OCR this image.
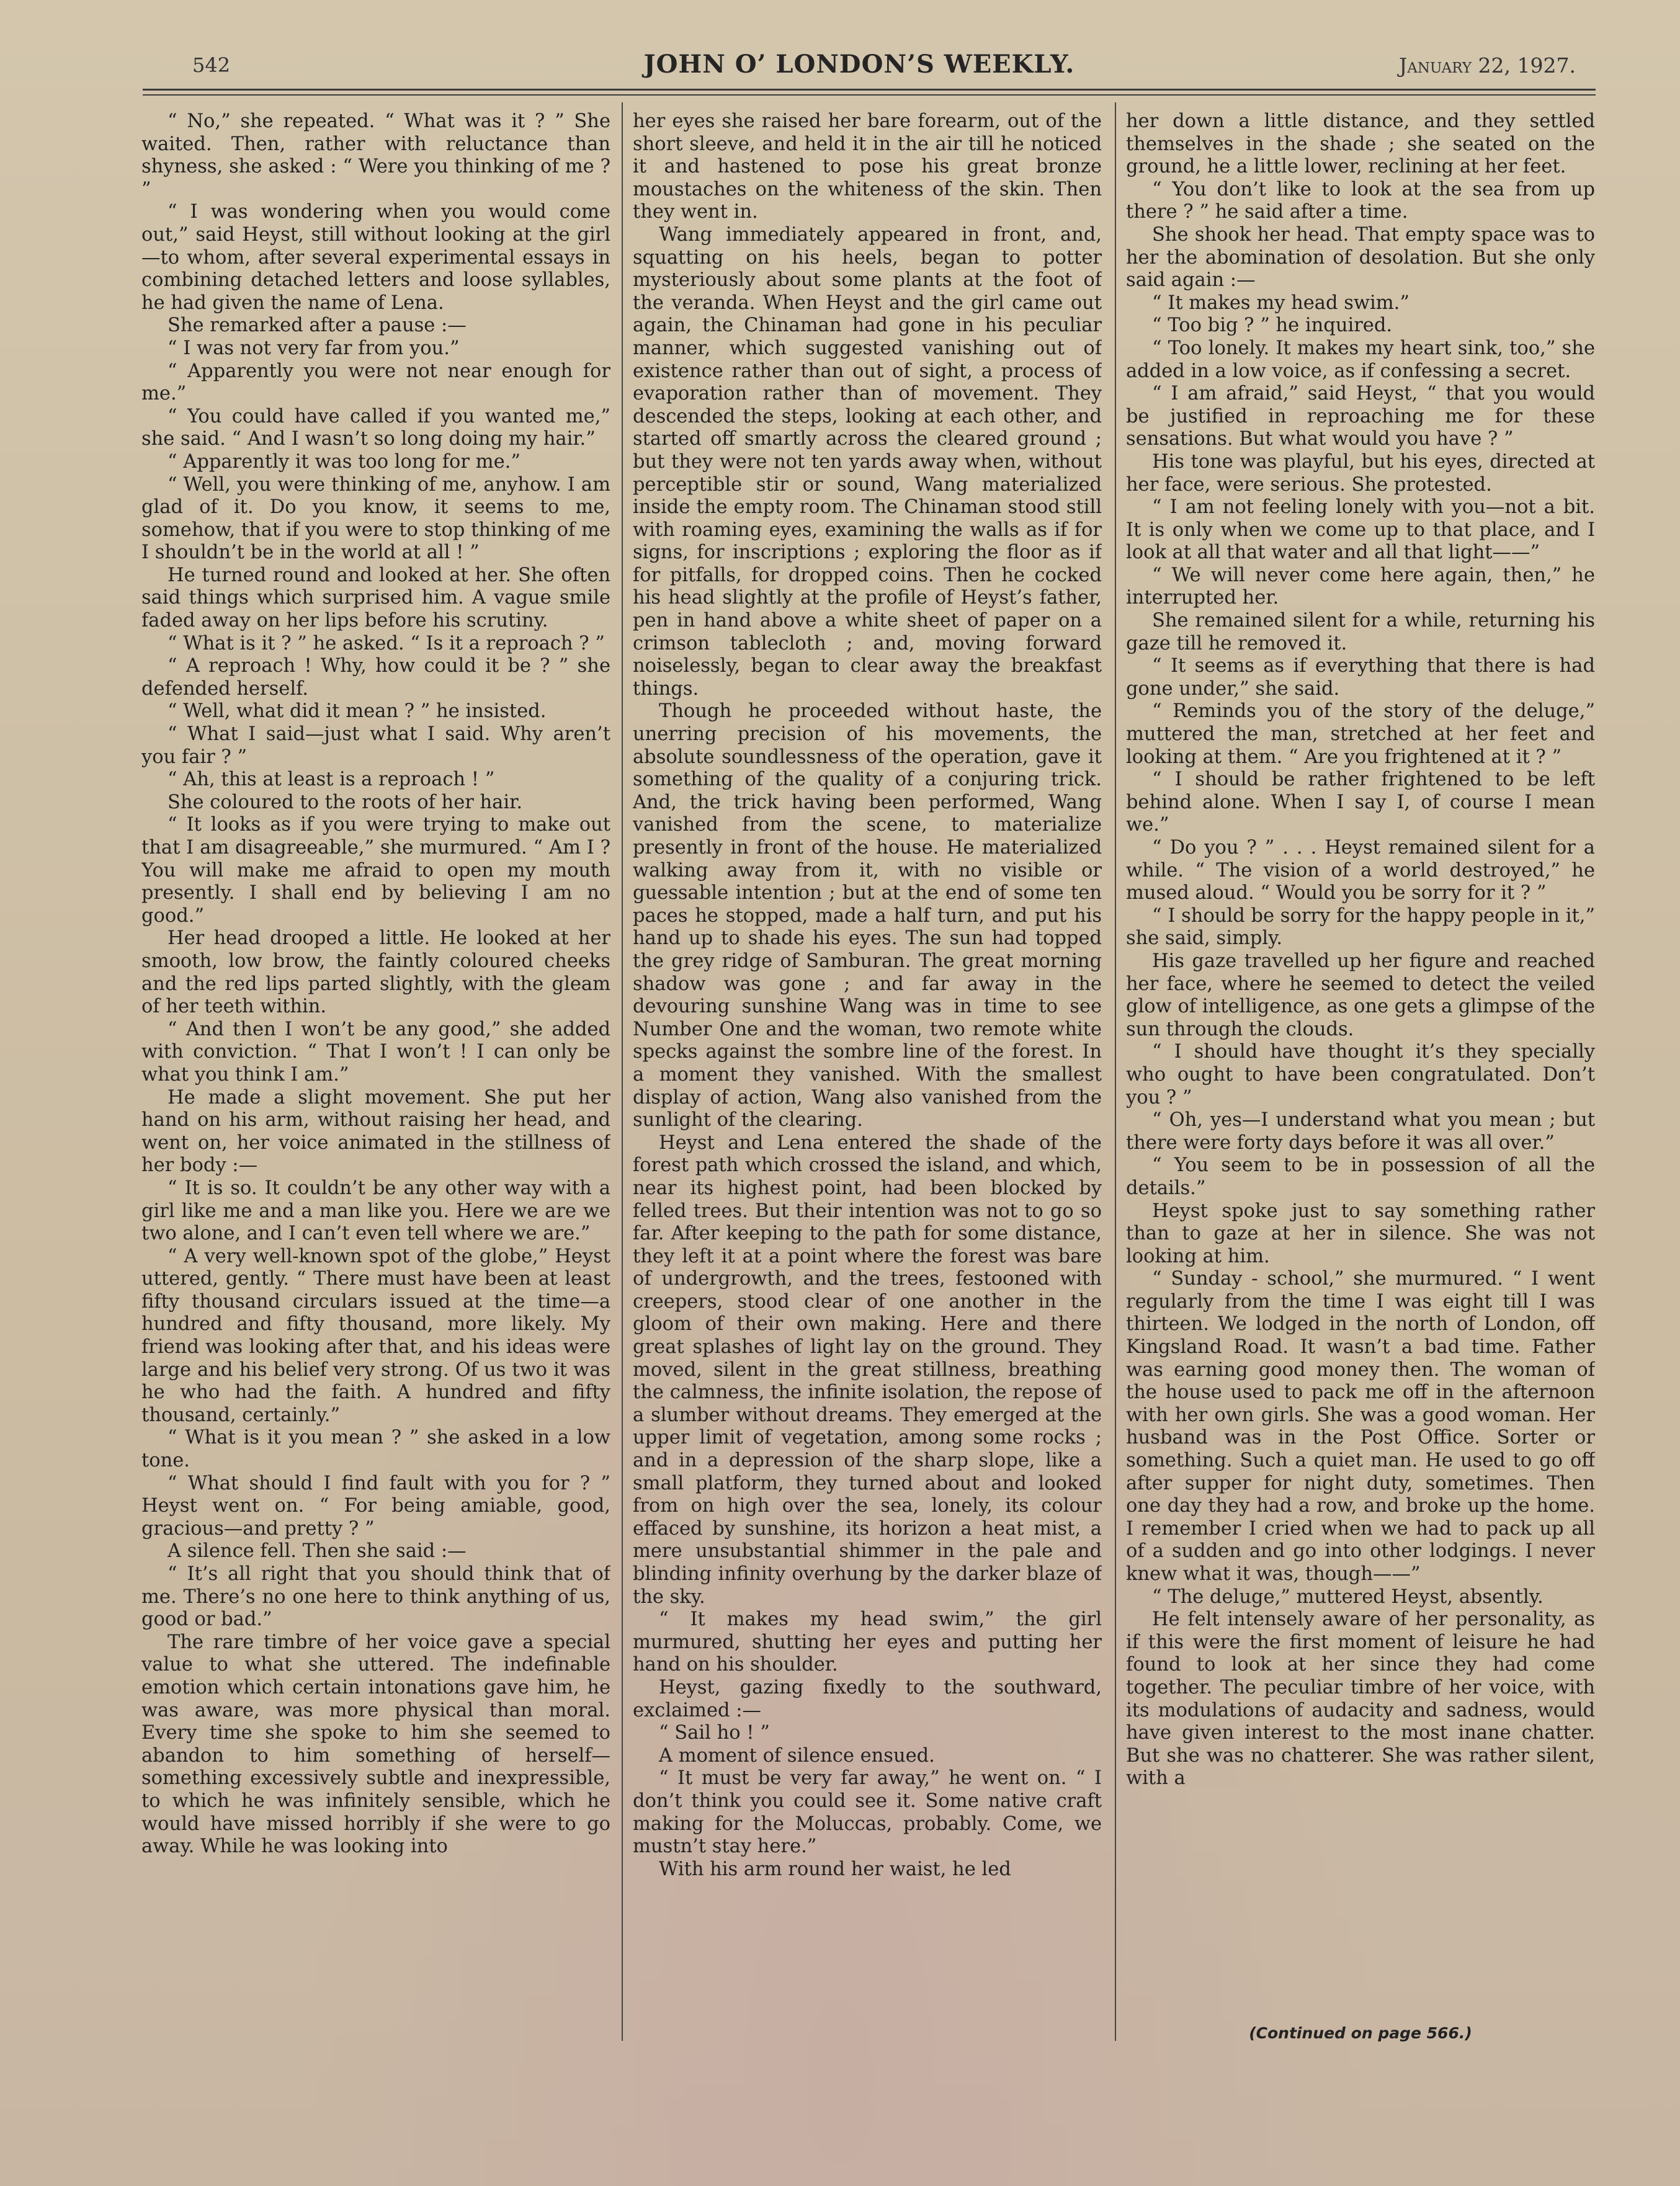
542	JOHN O’ LONDON’S WEEKLY.	January 22, 1927.

“ No,” she repeated. “ What was it ? ” She waited. Then, rather with reluctance than shyness, she asked : “ Were you thinking of me ? ”

“ I was wondering when you would come out,” said Heyst, still without looking at the girl—to whom, after several experimental essays in combining detached letters and loose syllables, he had given the name of Lena.

She remarked after a pause :—

“ I was not very far from you.”

“ Apparently you were not near enough for me.”

“ You could have called if you wanted me,” she said. “ And I wasn’t so long doing my hair.”

“ Apparently it was too long for me.”

“ Well, you were thinking of me, anyhow. I am glad of it. Do you know, it seems to me, somehow, that if you were to stop thinking of me I shouldn’t be in the world at all ! ”

He turned round and looked at her. She often said things which surprised him. A vague smile faded away on her lips before his scrutiny.

“ What is it ? ” he asked. “ Is it a reproach ? ”

“ A reproach ! Why, how could it be ? ” she defended herself.

“ Well, what did it mean ? ” he insisted.

“ What I said—just what I said. Why aren’t you fair ? ”

“ Ah, this at least is a reproach ! ”

She coloured to the roots of her hair.

“ It looks as if you were trying to make out that I am disagreeable,” she murmured. “ Am I ? You will make me afraid to open my mouth presently. I shall end by believing I am no good.”

Her head drooped a little. He looked at her smooth, low brow, the faintly coloured cheeks and the red lips parted slightly, with the gleam of her teeth within.

“ And then I won’t be any good,” she added with conviction. “ That I won’t ! I can only be what you think I am.”

He made a slight movement. She put her hand on his arm, without raising her head, and went on, her voice animated in the stillness of her body :—

“ It is so. It couldn’t be any other way with a girl like me and a man like you. Here we are we two alone, and I can’t even tell where we are.”

“ A very well-known spot of the globe,” Heyst uttered, gently. “ There must have been at least fifty thousand circulars issued at the time—a hundred and fifty thousand, more likely. My friend was looking after that, and his ideas were large and his belief very strong. Of us two it was he who had the faith. A hundred and fifty thousand, certainly.”

“ What is it you mean ? ” she asked in a low tone.

“ What should I find fault with you for ? ” Heyst went on. “ For being amiable, good, gracious—and pretty ? ”

A silence fell. Then she said :—

“ It’s all right that you should think that of me. There’s no one here to think anything of us, good or bad.”

The rare timbre of her voice gave a special value to what she uttered. The indefinable emotion which certain intonations gave him, he was aware, was more physical than moral. Every time she spoke to him she seemed to abandon to him something of herself—something excessively subtle and inexpressible, to which he was infinitely sensible, which he would have missed horribly if she were to go away. While he was looking into

her eyes she raised her bare forearm, out of the short sleeve, and held it in the air till he noticed it and hastened to pose his great bronze moustaches on the whiteness of the skin. Then they went in.

Wang immediately appeared in front, and, squatting on his heels, began to potter mysteriously about some plants at the foot of the veranda. When Heyst and the girl came out again, the Chinaman had gone in his peculiar manner, which suggested vanishing out of existence rather than out of sight, a process of evaporation rather than of movement. They descended the steps, looking at each other, and started off smartly across the cleared ground ; but they were not ten yards away when, without perceptible stir or sound, Wang materialized inside the empty room. The Chinaman stood still with roaming eyes, examining the walls as if for signs, for inscriptions ; exploring the floor as if for pitfalls, for dropped coins. Then he cocked his head slightly at the profile of Heyst’s father, pen in hand above a white sheet of paper on a crimson tablecloth ; and, moving forward noiselessly, began to clear away the breakfast things.

Though he proceeded without haste, the unerring precision of his movements, the absolute soundlessness of the operation, gave it something of the quality of a conjuring trick. And, the trick having been performed, Wang vanished from the scene, to materialize presently in front of the house. He materialized walking away from it, with no visible or guessable intention ; but at the end of some ten paces he stopped, made a half turn, and put his hand up to shade his eyes. The sun had topped the grey ridge of Samburan. The great morning shadow was gone ; and far away in the devouring sunshine Wang was in time to see Number One and the woman, two remote white specks against the sombre line of the forest. In a moment they vanished. With the smallest display of action, Wang also vanished from the sunlight of the clearing.

Heyst and Lena entered the shade of the forest path which crossed the island, and which, near its highest point, had been blocked by felled trees. But their intention was not to go so far. After keeping to the path for some distance, they left it at a point where the forest was bare of undergrowth, and the trees, festooned with creepers, stood clear of one another in the gloom of their own making. Here and there great splashes of light lay on the ground. They moved, silent in the great stillness, breathing the calmness, the infinite isolation, the repose of a slumber without dreams. They emerged at the upper limit of vegetation, among some rocks ; and in a depression of the sharp slope, like a small platform, they turned about and looked from on high over the sea, lonely, its colour effaced by sunshine, its horizon a heat mist, a mere unsubstantial shimmer in the pale and blinding infinity overhung by the darker blaze of the sky.

“ It makes my head swim,” the girl murmured, shutting her eyes and putting her hand on his shoulder.

Heyst, gazing fixedly to the southward, exclaimed :—

“ Sail ho ! ”

A moment of silence ensued.

“ It must be very far away,” he went on. “ I don’t think you could see it. Some native craft making for the Moluccas, probably. Come, we mustn’t stay here.”

With his arm round her waist, he led

her down a little distance, and they settled themselves in the shade ; she seated on the ground, he a little lower, reclining at her feet.

“ You don’t like to look at the sea from up there ? ” he said after a time.

She shook her head. That empty space was to her the abomination of desolation. But she only said again :—

“ It makes my head swim.”

“ Too big ? ” he inquired.

“ Too lonely. It makes my heart sink, too,” she added in a low voice, as if confessing a secret.

“ I am afraid,” said Heyst, “ that you would be justified in reproaching me for these sensations. But what would you have ? ”

His tone was playful, but his eyes, directed at her face, were serious. She protested.

“ I am not feeling lonely with you—not a bit. It is only when we come up to that place, and I look at all that water and all that light——”

“ We will never come here again, then,” he interrupted her.

She remained silent for a while, returning his gaze till he removed it.

“ It seems as if everything that there is had gone under,” she said.

“ Reminds you of the story of the deluge,” muttered the man, stretched at her feet and looking at them. “ Are you frightened at it ? ”

“ I should be rather frightened to be left behind alone. When I say I, of course I mean we.”

“ Do you ? ” . . . Heyst remained silent for a while. “ The vision of a world destroyed,” he mused aloud. “ Would you be sorry for it ? ”

“ I should be sorry for the happy people in it,” she said, simply.

His gaze travelled up her figure and reached her face, where he seemed to detect the veiled glow of intelligence, as one gets a glimpse of the sun through the clouds.

“ I should have thought it’s they specially who ought to have been congratulated. Don’t you ? ”

“ Oh, yes—I understand what you mean ; but there were forty days before it was all over.”

“ You seem to be in possession of all the details.”

Heyst spoke just to say something rather than to gaze at her in silence. She was not looking at him.

“ Sunday - school,” she murmured. “ I went regularly from the time I was eight till I was thirteen. We lodged in the north of London, off Kingsland Road. It wasn’t a bad time. Father was earning good money then. The woman of the house used to pack me off in the afternoon with her own girls. She was a good woman. Her husband was in the Post Office. Sorter or something. Such a quiet man. He used to go off after supper for night duty, sometimes. Then one day they had a row, and broke up the home. I remember I cried when we had to pack up all of a sudden and go into other lodgings. I never knew what it was, though——”

“ The deluge,” muttered Heyst, absently.

He felt intensely aware of her personality, as if this were the first moment of leisure he had found to look at her since they had come together. The peculiar timbre of her voice, with its modulations of audacity and sadness, would have given interest to the most inane chatter. But she was no chatterer. She was rather silent, with a

(Continued on page 566.)
